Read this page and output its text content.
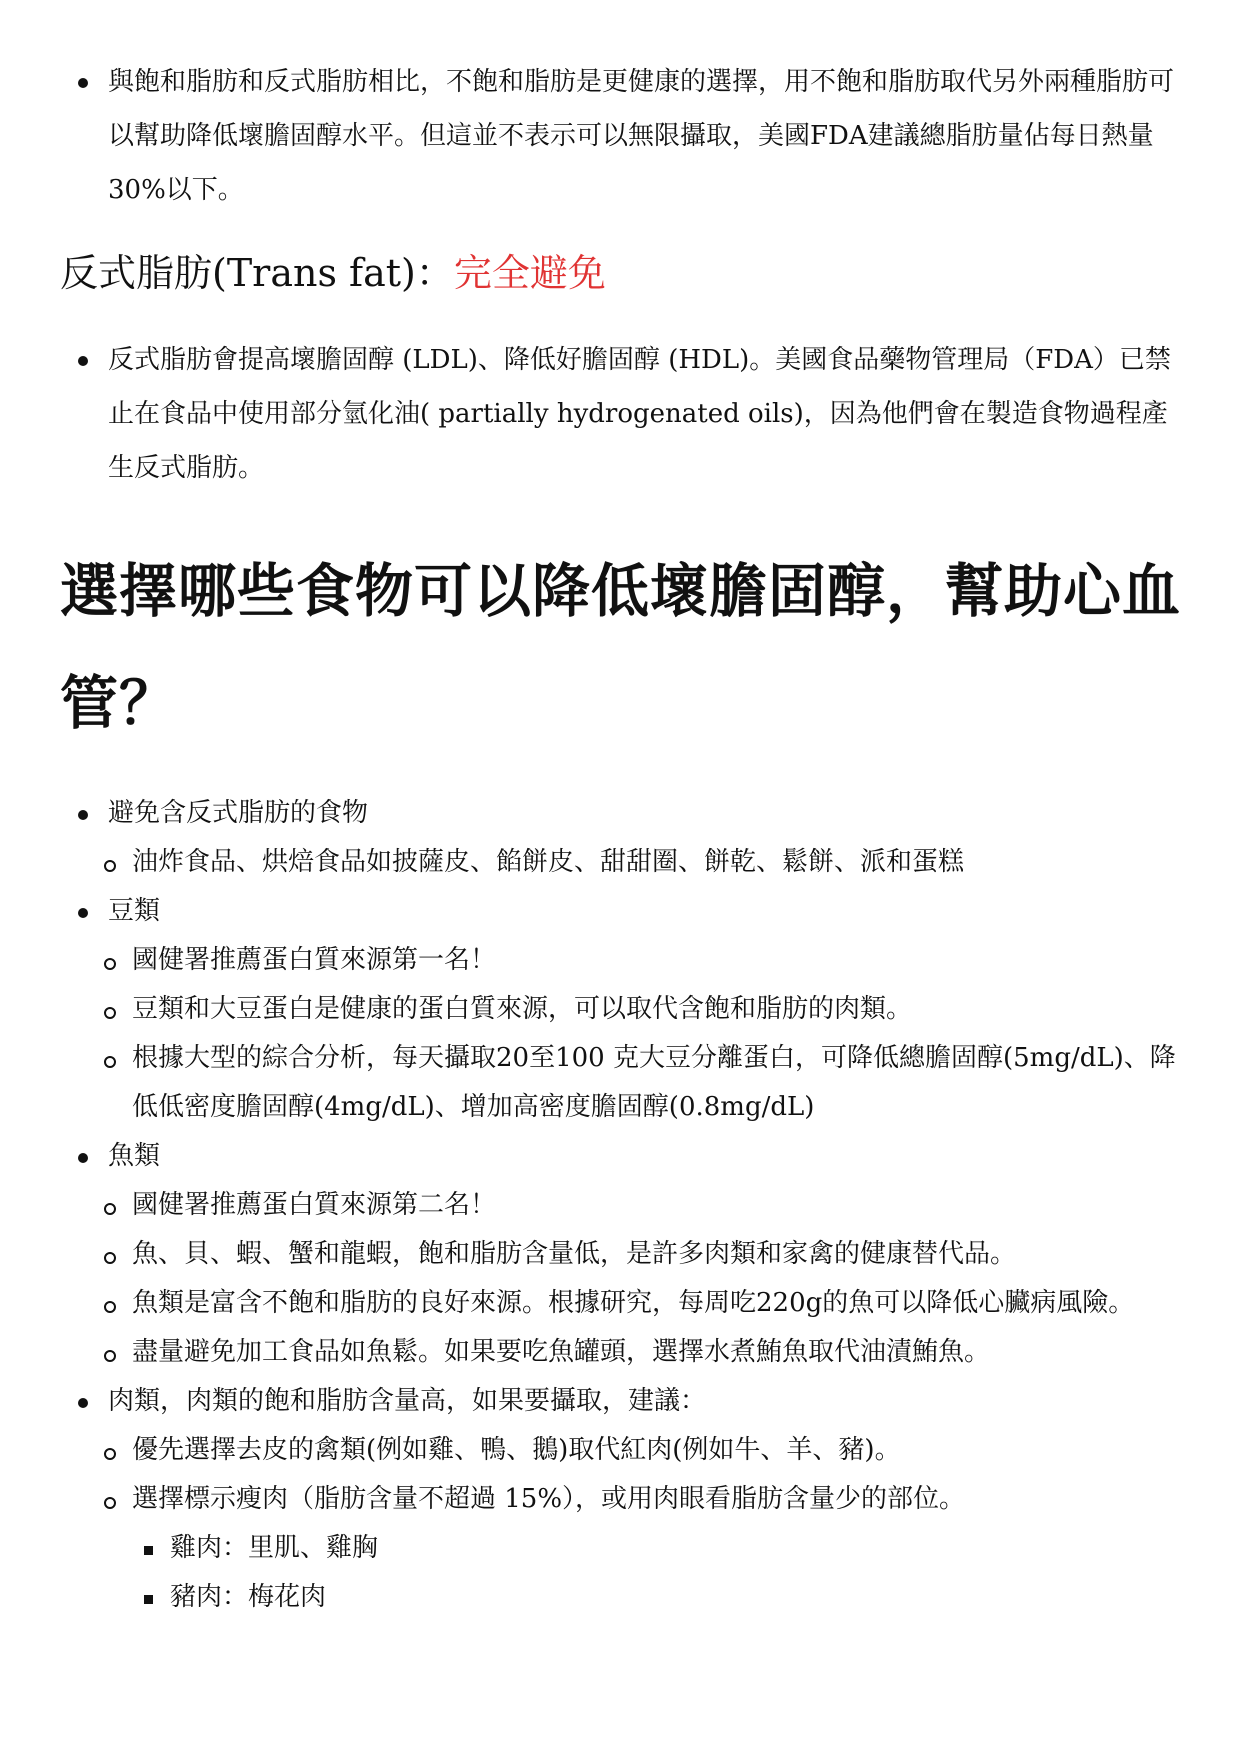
與飽和脂肪和反式脂肪相比，不飽和脂肪是更健康的選擇，用不飽和脂肪取代另外兩種脂肪可以幫助降低壞膽固醇水平。但這並不表示可以無限攝取，美國FDA建議總脂肪量佔每日熱量30%以下。
反式脂肪(Trans fat)：完全避免
反式脂肪會提高壞膽固醇 (LDL)、降低好膽固醇 (HDL)。美國食品藥物管理局（FDA）已禁止在食品中使用部分氫化油( partially hydrogenated oils)，因為他們會在製造食物過程產生反式脂肪。
選擇哪些食物可以降低壞膽固醇，幫助心血管？
避免含反式脂肪的食物
油炸食品、烘焙食品如披薩皮、餡餅皮、甜甜圈、餅乾、鬆餅、派和蛋糕
豆類
國健署推薦蛋白質來源第一名！
豆類和大豆蛋白是健康的蛋白質來源，可以取代含飽和脂肪的肉類。
根據大型的綜合分析，每天攝取20至100 克大豆分離蛋白，可降低總膽固醇(5mg/dL)、降低低密度膽固醇(4mg/dL)、增加高密度膽固醇(0.8mg/dL)
魚類
國健署推薦蛋白質來源第二名！
魚、貝、蝦、蟹和龍蝦，飽和脂肪含量低，是許多肉類和家禽的健康替代品。
魚類是富含不飽和脂肪的良好來源。根據研究，每周吃220g的魚可以降低心臟病風險。
盡量避免加工食品如魚鬆。如果要吃魚罐頭，選擇水煮鮪魚取代油漬鮪魚。
肉類，肉類的飽和脂肪含量高，如果要攝取，建議：
優先選擇去皮的禽類(例如雞、鴨、鵝)取代紅肉(例如牛、羊、豬)。
選擇標示瘦肉（脂肪含量不超過 15%），或用肉眼看脂肪含量少的部位。
雞肉：里肌、雞胸
豬肉：梅花肉
